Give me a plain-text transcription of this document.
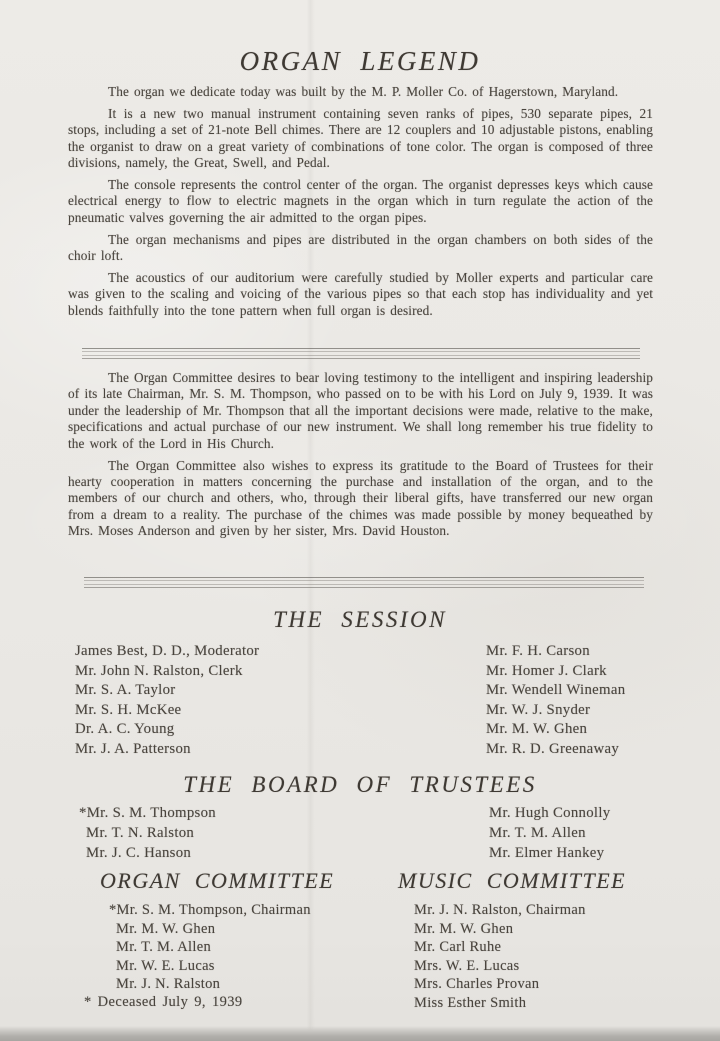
ORGAN LEGEND

The organ we dedicate today was built by the M. P. Moller Co. of Hagerstown, Maryland.

It is a new two manual instrument containing seven ranks of pipes, 530 separate pipes, 21 stops, including a set of 21-note Bell chimes. There are 12 couplers and 10 adjustable pistons, enabling the organist to draw on a great variety of combinations of tone color. The organ is composed of three divisions, namely, the Great, Swell, and Pedal.

The console represents the control center of the organ. The organist depresses keys which cause electrical energy to flow to electric magnets in the organ which in turn regulate the action of the pneumatic valves governing the air admitted to the organ pipes.

The organ mechanisms and pipes are distributed in the organ chambers on both sides of the choir loft.

The acoustics of our auditorium were carefully studied by Moller experts and particular care was given to the scaling and voicing of the various pipes so that each stop has individuality and yet blends faithfully into the tone pattern when full organ is desired.

The Organ Committee desires to bear loving testimony to the intelligent and inspiring leadership of its late Chairman, Mr. S. M. Thompson, who passed on to be with his Lord on July 9, 1939. It was under the leadership of Mr. Thompson that all the important decisions were made, relative to the make, specifications and actual purchase of our new instrument. We shall long remember his true fidelity to the work of the Lord in His Church.

The Organ Committee also wishes to express its gratitude to the Board of Trustees for their hearty cooperation in matters concerning the purchase and installation of the organ, and to the members of our church and others, who, through their liberal gifts, have transferred our new organ from a dream to a reality. The purchase of the chimes was made possible by money bequeathed by Mrs. Moses Anderson and given by her sister, Mrs. David Houston.

THE SESSION
James Best, D. D., Moderator
Mr. John N. Ralston, Clerk
Mr. S. A. Taylor
Mr. S. H. McKee
Dr. A. C. Young
Mr. J. A. Patterson
Mr. F. H. Carson
Mr. Homer J. Clark
Mr. Wendell Wineman
Mr. W. J. Snyder
Mr. M. W. Ghen
Mr. R. D. Greenaway
THE BOARD OF TRUSTEES
*Mr. S. M. Thompson
Mr. T. N. Ralston
Mr. J. C. Hanson
Mr. Hugh Connolly
Mr. T. M. Allen
Mr. Elmer Hankey
ORGAN COMMITTEE
*Mr. S. M. Thompson, Chairman
Mr. M. W. Ghen
Mr. T. M. Allen
Mr. W. E. Lucas
Mr. J. N. Ralston
MUSIC COMMITTEE
Mr. J. N. Ralston, Chairman
Mr. M. W. Ghen
Mr. Carl Ruhe
Mrs. W. E. Lucas
Mrs. Charles Provan
Miss Esther Smith
* Deceased July 9, 1939
